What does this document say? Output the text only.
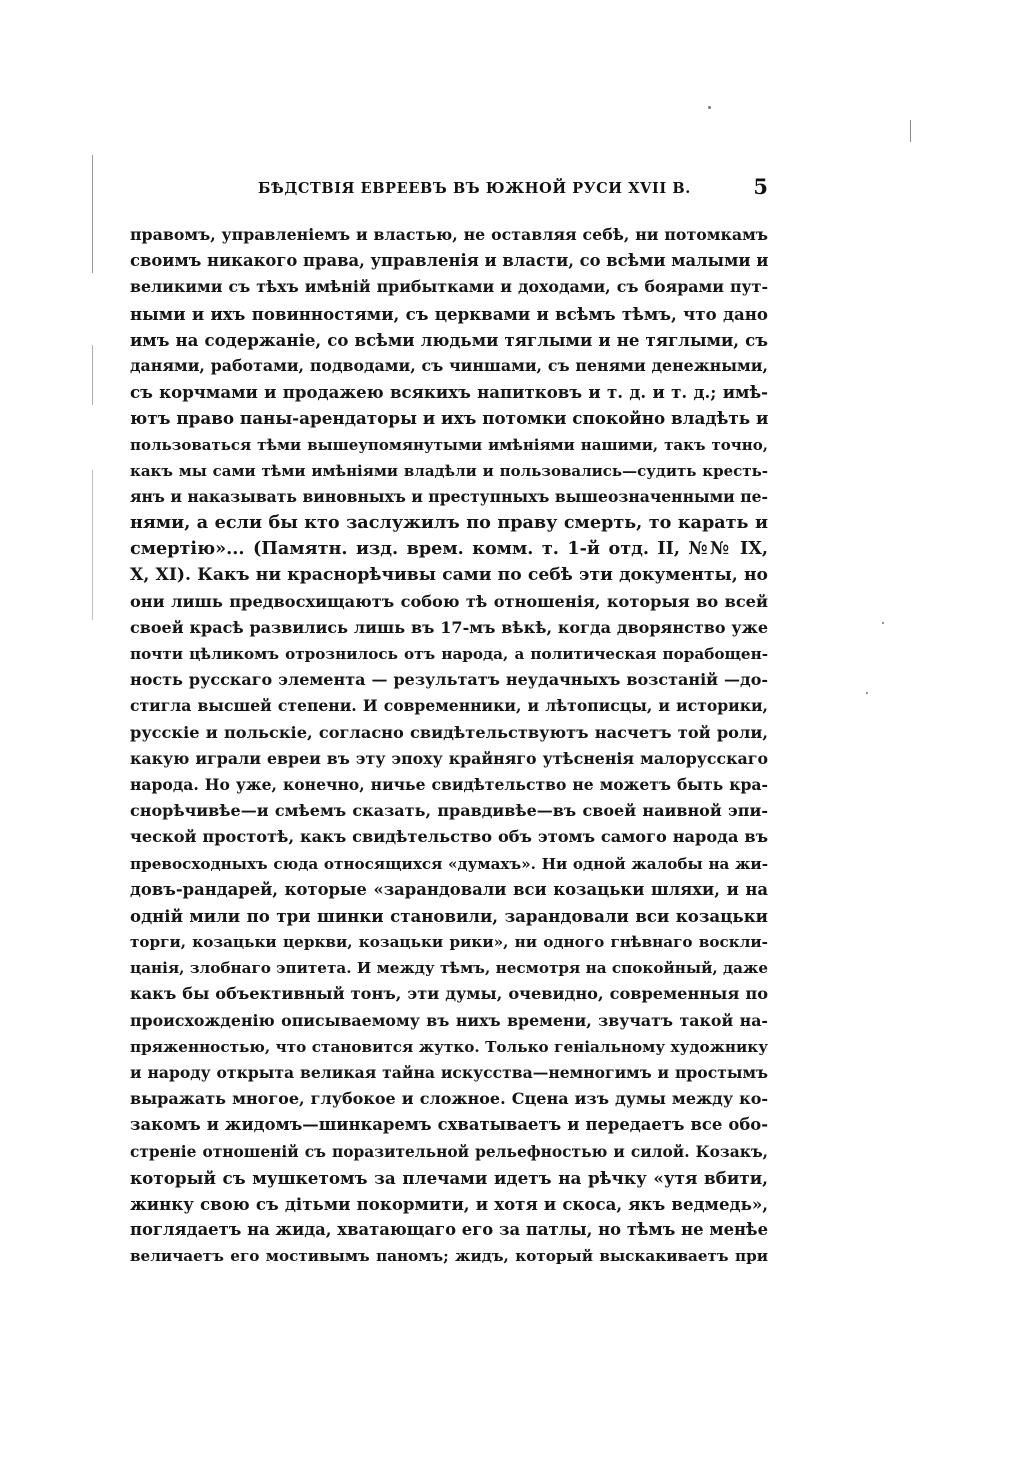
БѢДСТВІЯ ЕВРЕЕВЪ ВЪ ЮЖНОЙ РУСИ XVII В.	5
правомъ, управленіемъ и властью, не оставляя себѣ, ни потомкамъ
своимъ никакого права, управленія и власти, со всѣми малыми и
великими съ тѣхъ имѣній прибытками и доходами, съ боярами пут-
ными и ихъ повинностями, съ церквами и всѣмъ тѣмъ, что дано
имъ на содержаніе, со всѣми людьми тяглыми и не тяглыми, съ
данями, работами, подводами, съ чиншами, съ пенями денежными,
съ корчмами и продажею всякихъ напитковъ и т. д. и т. д.; имѣ-
ютъ право паны-арендаторы и ихъ потомки спокойно владѣть и
пользоваться тѣми вышеупомянутыми имѣніями нашими, такъ точно,
какъ мы сами тѣми имѣніями владѣли и пользовались—судить кресть-
янъ и наказывать виновныхъ и преступныхъ вышеозначенными пе-
нями, а если бы кто заслужилъ по праву смерть, то карать и
смертію»... (Памятн. изд. врем. комм. т. 1-й отд. II, №№ IX,
X, XI). Какъ ни краснорѣчивы сами по себѣ эти документы, но
они лишь предвосхищаютъ собою тѣ отношенія, которыя во всей
своей красѣ развились лишь въ 17-мъ вѣкѣ, когда дворянство уже
почти цѣликомъ отрознилось отъ народа, а политическая порабощен-
ность русскаго элемента — результатъ неудачныхъ возстаній —до-
стигла высшей степени. И современники, и лѣтописцы, и историки,
русскіе и польскіе, согласно свидѣтельствуютъ насчетъ той роли,
какую играли евреи въ эту эпоху крайняго утѣсненія малорусскаго
народа. Но уже, конечно, ничье свидѣтельство не можетъ быть кра-
снорѣчивѣе—и смѣемъ сказать, правдивѣе—въ своей наивной эпи-
ческой простотѣ, какъ свидѣтельство объ этомъ самого народа въ
превосходныхъ сюда относящихся «думахъ». Ни одной жалобы на жи-
довъ-рандарей, которые «зарандовали вси козацьки шляхи, и на
одній мили по три шинки становили, зарандовали вси козацьки
торги, козацьки церкви, козацьки рики», ни одного гнѣвнаго воскли-
цанія, злобнаго эпитета. И между тѣмъ, несмотря на спокойный, даже
какъ бы объективный тонъ, эти думы, очевидно, современныя по
происхожденію описываемому въ нихъ времени, звучатъ такой на-
пряженностью, что становится жутко. Только геніальному художнику
и народу открыта великая тайна искусства—немногимъ и простымъ
выражать многое, глубокое и сложное. Сцена изъ думы между ко-
закомъ и жидомъ—шинкаремъ схватываетъ и передаетъ все обо-
стреніе отношеній съ поразительной рельефностью и силой. Козакъ,
который съ мушкетомъ за плечами идетъ на рѣчку «утя вбити,
жинку свою съ дітьми покормити, и хотя и скоса, якъ ведмедь»,
поглядаетъ на жида, хватающаго его за патлы, но тѣмъ не менѣе
величаетъ его мостивымъ паномъ; жидъ, который выскакиваетъ при
